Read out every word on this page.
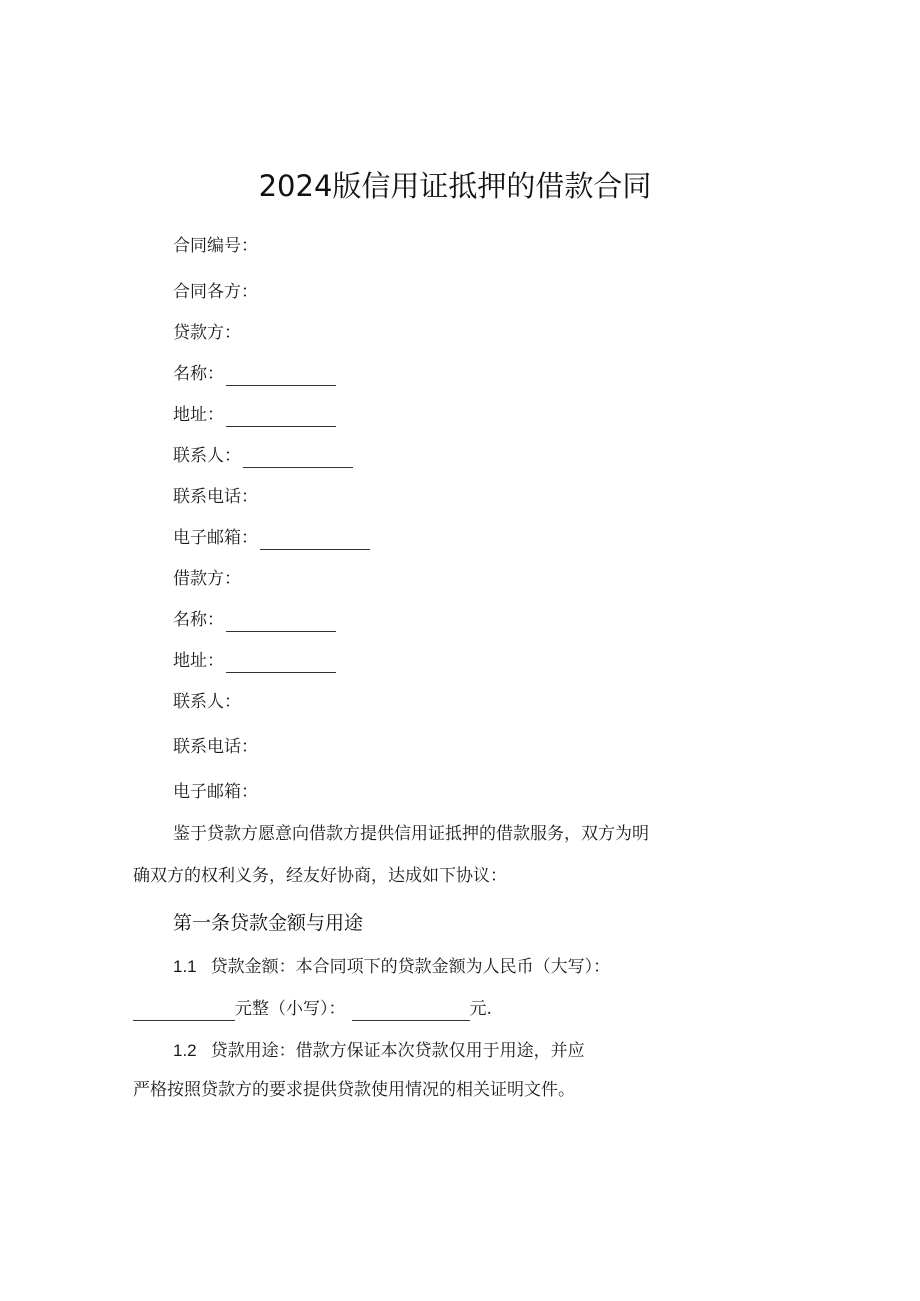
2024版信用证抵押的借款合同
合同编号：
合同各方：
贷款方：
名称：
地址：
联系人：
联系电话：
电子邮箱：
借款方：
名称：
地址：
联系人：
联系电话：
电子邮箱：
鉴于贷款方愿意向借款方提供信用证抵押的借款服务，双方为明
确双方的权利义务，经友好协商，达成如下协议：
第一条贷款金额与用途
1.1 贷款金额：本合同项下的贷款金额为人民币（大写）：
元整（小写）：	元.
1.2 贷款用途：借款方保证本次贷款仅用于用途，并应
严格按照贷款方的要求提供贷款使用情况的相关证明文件。
